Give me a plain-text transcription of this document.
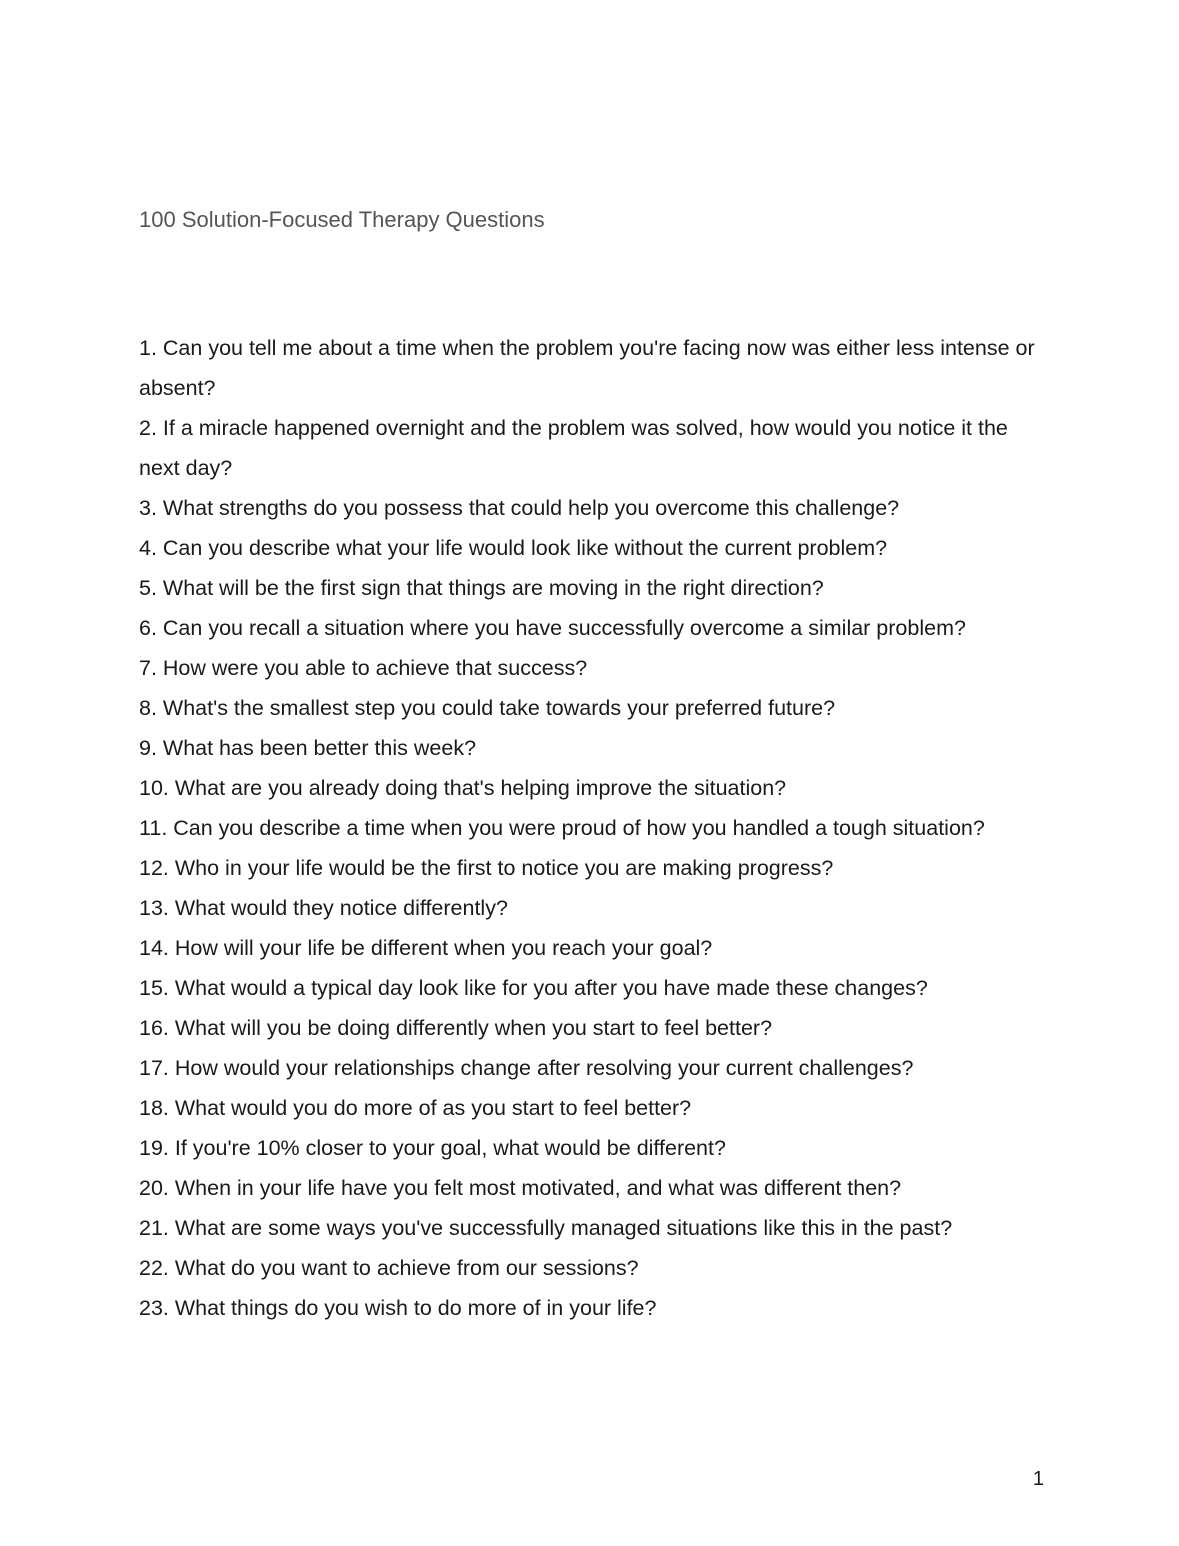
100 Solution-Focused Therapy Questions
1. Can you tell me about a time when the problem you're facing now was either less intense or absent?
2. If a miracle happened overnight and the problem was solved, how would you notice it the next day?
3. What strengths do you possess that could help you overcome this challenge?
4. Can you describe what your life would look like without the current problem?
5. What will be the first sign that things are moving in the right direction?
6. Can you recall a situation where you have successfully overcome a similar problem?
7. How were you able to achieve that success?
8. What's the smallest step you could take towards your preferred future?
9. What has been better this week?
10. What are you already doing that's helping improve the situation?
11. Can you describe a time when you were proud of how you handled a tough situation?
12. Who in your life would be the first to notice you are making progress?
13. What would they notice differently?
14. How will your life be different when you reach your goal?
15. What would a typical day look like for you after you have made these changes?
16. What will you be doing differently when you start to feel better?
17. How would your relationships change after resolving your current challenges?
18. What would you do more of as you start to feel better?
19. If you're 10% closer to your goal, what would be different?
20. When in your life have you felt most motivated, and what was different then?
21. What are some ways you've successfully managed situations like this in the past?
22. What do you want to achieve from our sessions?
23. What things do you wish to do more of in your life?
1
